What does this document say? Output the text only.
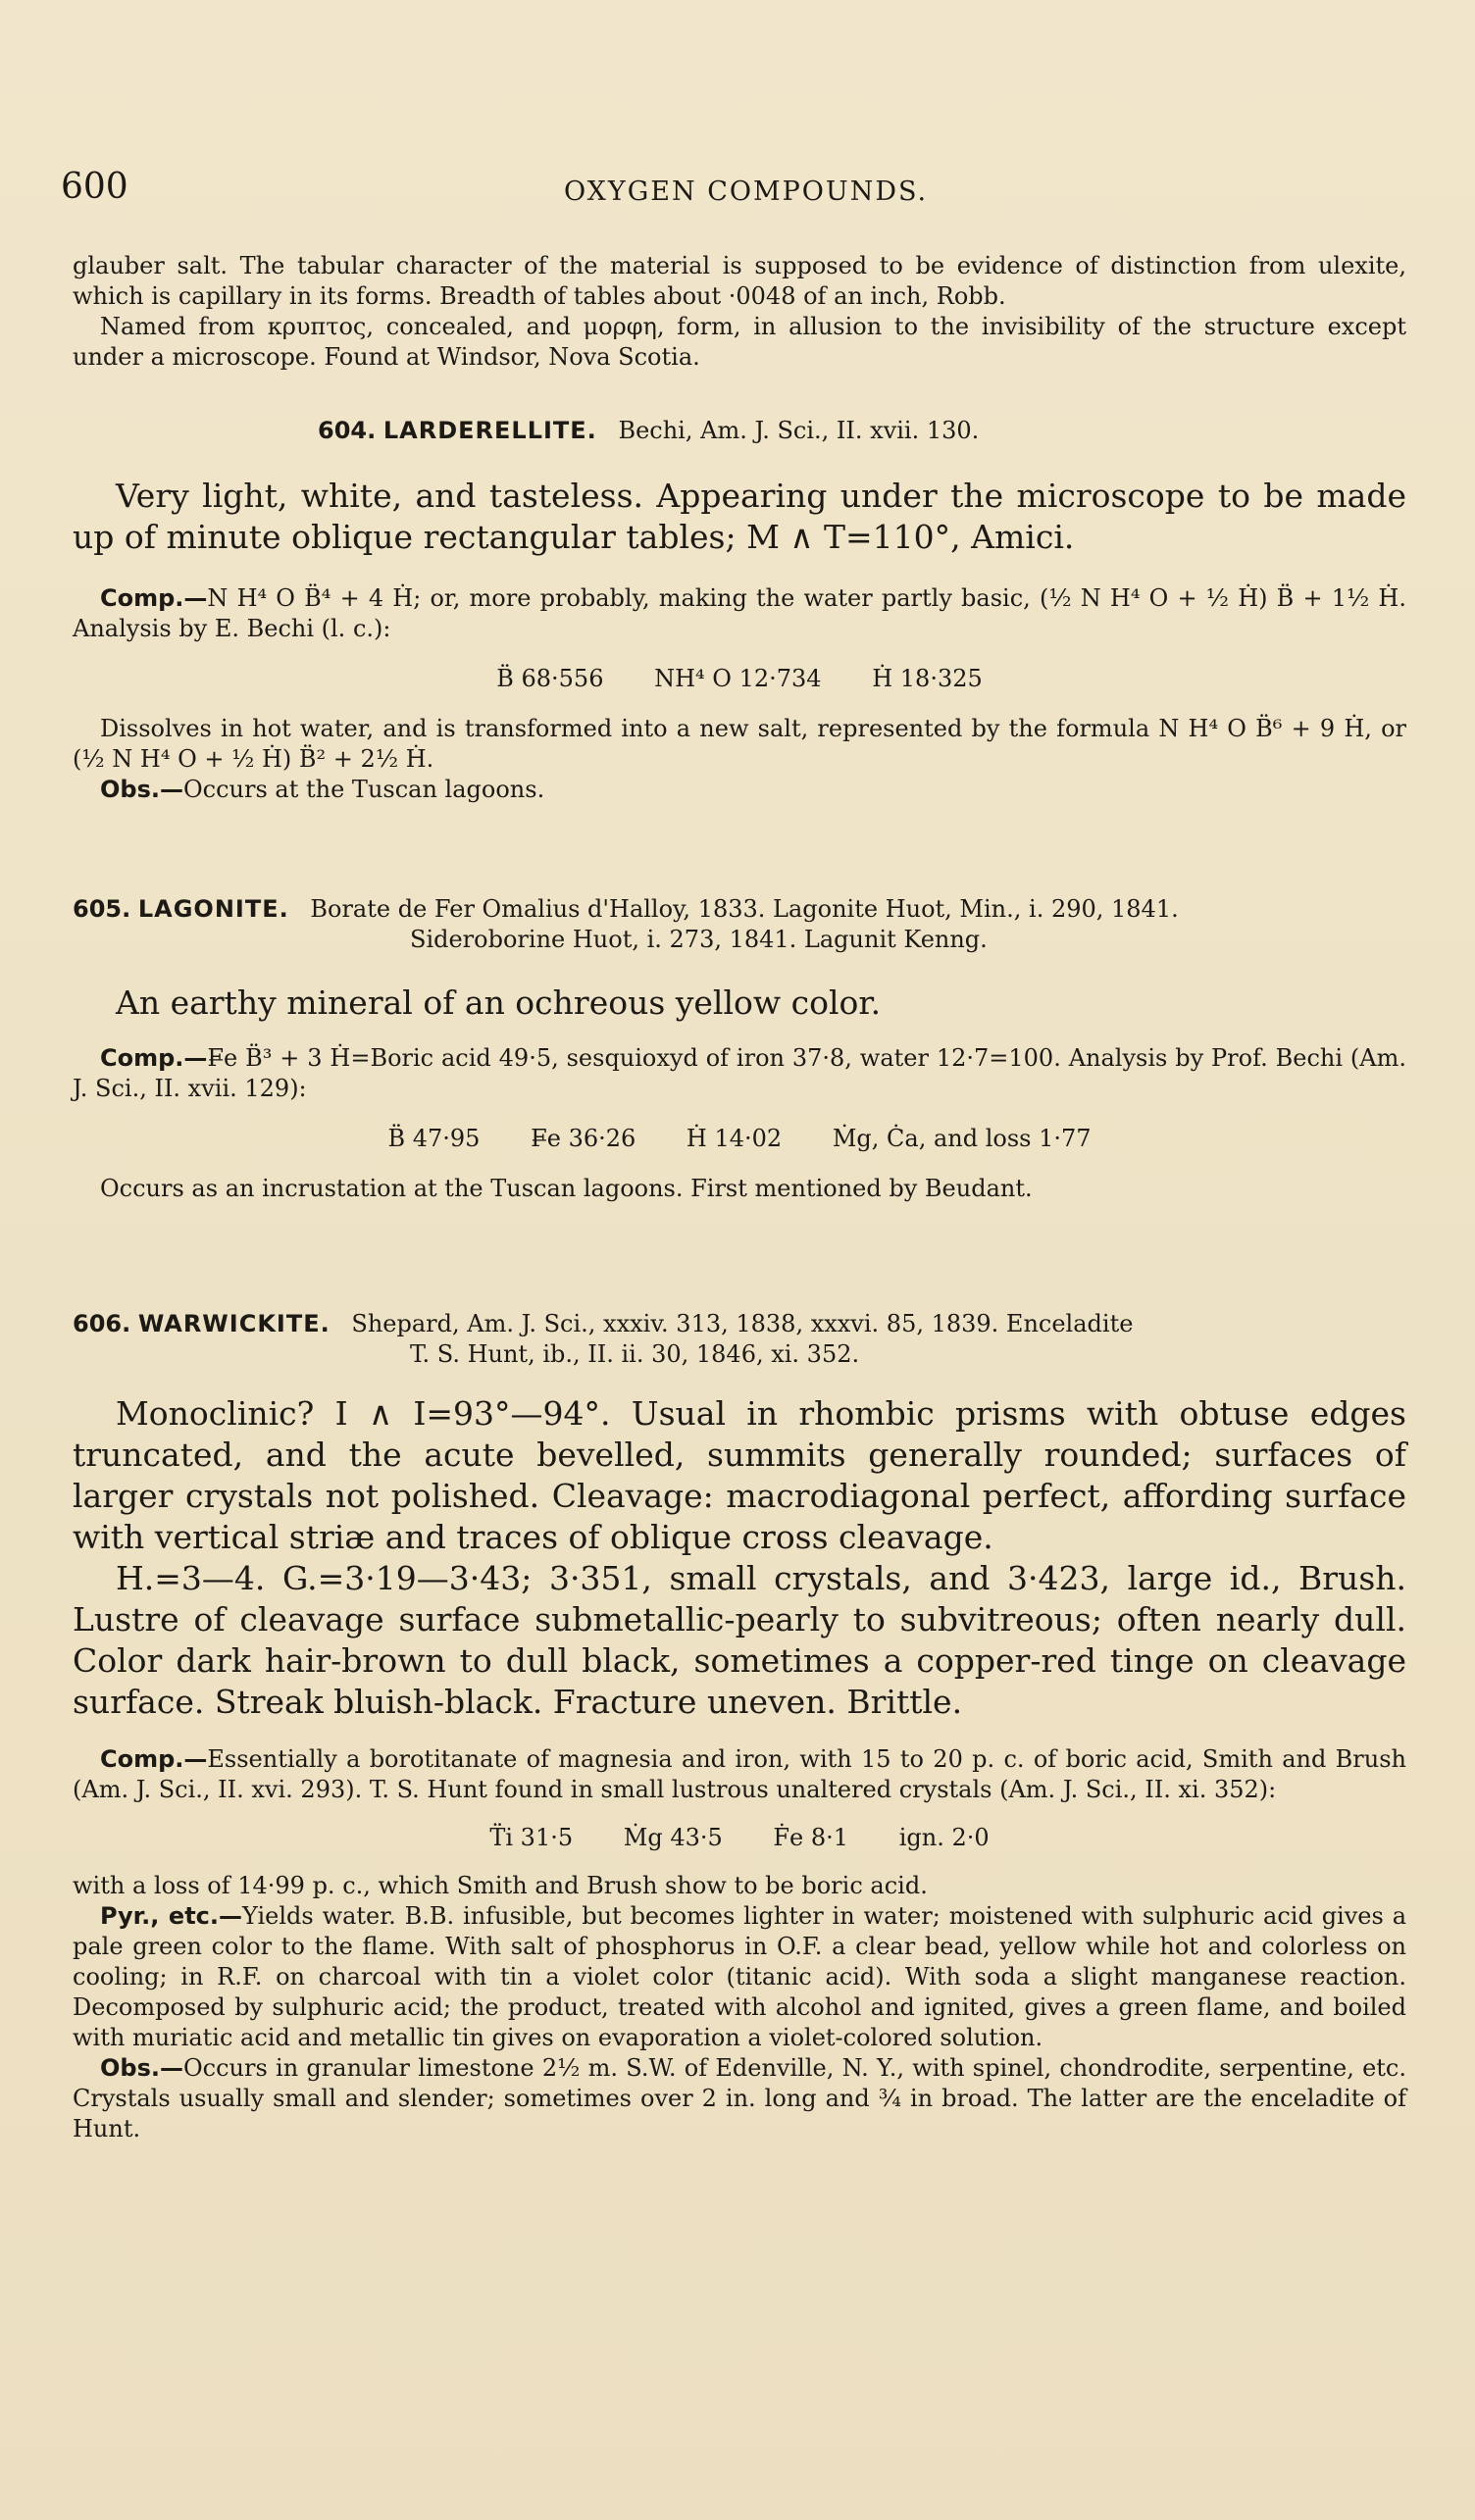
600	OXYGEN COMPOUNDS.

glauber salt. The tabular character of the material is supposed to be evidence of distinction from ulexite, which is capillary in its forms. Breadth of tables about ·0048 of an inch, Robb.

Named from κρυπτος, concealed, and μορφη, form, in allusion to the invisibility of the structure except under a microscope. Found at Windsor, Nova Scotia.

604. LARDERELLITE. Bechi, Am. J. Sci., II. xvii. 130.

Very light, white, and tasteless. Appearing under the microscope to be made up of minute oblique rectangular tables; M ∧ T=110°, Amici.

Comp.—N H⁴ O B̈⁴ + 4 Ḣ; or, more probably, making the water partly basic, (½ N H⁴ O + ½ Ḣ) B̈ + 1½ Ḣ. Analysis by E. Bechi (l. c.):

B̈ 68·556 NH⁴ O 12·734 Ḣ 18·325

Dissolves in hot water, and is transformed into a new salt, represented by the formula N H⁴ O B̈⁶ + 9 Ḣ, or (½ N H⁴ O + ½ Ḣ) B̈² + 2½ Ḣ.

Obs.—Occurs at the Tuscan lagoons.

605. LAGONITE. Borate de Fer Omalius d'Halloy, 1833. Lagonite Huot, Min., i. 290, 1841.
Sideroborine Huot, i. 273, 1841. Lagunit Kenng.

An earthy mineral of an ochreous yellow color.

Comp.—F̶e B̈³ + 3 Ḣ=Boric acid 49·5, sesquioxyd of iron 37·8, water 12·7=100. Analysis by Prof. Bechi (Am. J. Sci., II. xvii. 129):

B̈ 47·95 F̶e 36·26 Ḣ 14·02 Ṁg, Ċa, and loss 1·77

Occurs as an incrustation at the Tuscan lagoons. First mentioned by Beudant.

606. WARWICKITE. Shepard, Am. J. Sci., xxxiv. 313, 1838, xxxvi. 85, 1839. Enceladite
T. S. Hunt, ib., II. ii. 30, 1846, xi. 352.

Monoclinic? I ∧ I=93°—94°. Usual in rhombic prisms with obtuse edges truncated, and the acute bevelled, summits generally rounded; surfaces of larger crystals not polished. Cleavage: macrodiagonal perfect, affording surface with vertical striæ and traces of oblique cross cleavage.

H.=3—4. G.=3·19—3·43; 3·351, small crystals, and 3·423, large id., Brush. Lustre of cleavage surface submetallic-pearly to subvitreous; often nearly dull. Color dark hair-brown to dull black, sometimes a copper-red tinge on cleavage surface. Streak bluish-black. Fracture uneven. Brittle.

Comp.—Essentially a borotitanate of magnesia and iron, with 15 to 20 p. c. of boric acid, Smith and Brush (Am. J. Sci., II. xvi. 293). T. S. Hunt found in small lustrous unaltered crystals (Am. J. Sci., II. xi. 352):

T̈i 31·5 Ṁg 43·5 Ḟe 8·1 ign. 2·0

with a loss of 14·99 p. c., which Smith and Brush show to be boric acid.

Pyr., etc.—Yields water. B.B. infusible, but becomes lighter in water; moistened with sulphuric acid gives a pale green color to the flame. With salt of phosphorus in O.F. a clear bead, yellow while hot and colorless on cooling; in R.F. on charcoal with tin a violet color (titanic acid). With soda a slight manganese reaction. Decomposed by sulphuric acid; the product, treated with alcohol and ignited, gives a green flame, and boiled with muriatic acid and metallic tin gives on evaporation a violet-colored solution.

Obs.—Occurs in granular limestone 2½ m. S.W. of Edenville, N. Y., with spinel, chondrodite, serpentine, etc. Crystals usually small and slender; sometimes over 2 in. long and ¾ in broad. The latter are the enceladite of Hunt.
